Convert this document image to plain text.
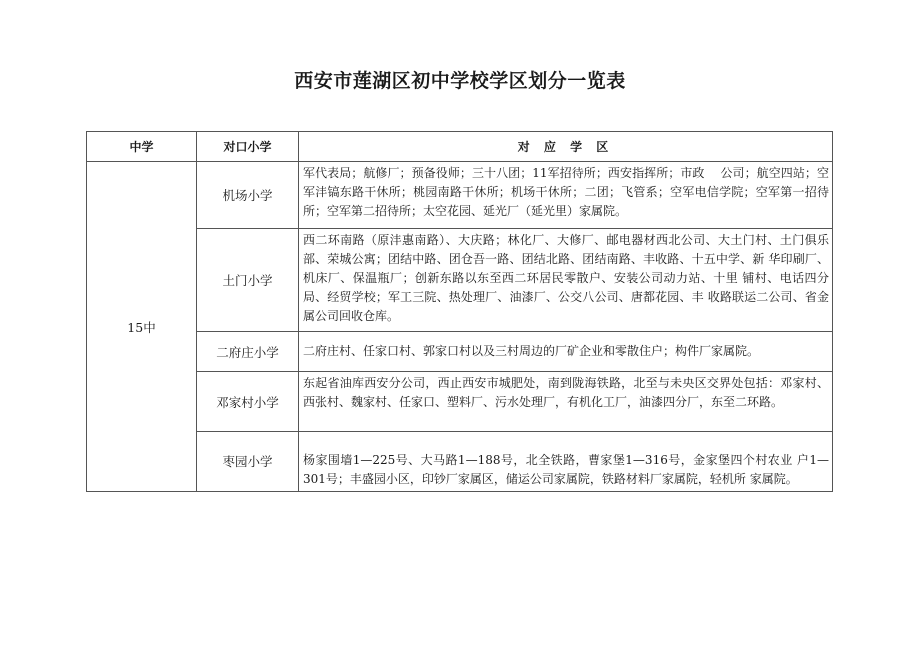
西安市莲湖区初中学校学区划分一览表
中学	对口小学	对 应 学 区
15中	机场小学	军代表局；航修厂；预备役师；三十八团；11军招待所；西安指挥所；市政　 公司；航空四站；空军沣镐东路干休所；桃园南路干休所；机场干休所；二团；飞管系；空军电信学院；空军第一招待所；空军第二招待所；太空花园、延光厂（延光里）家属院。
	土门小学	西二环南路（原沣惠南路）、大庆路；林化厂、大修厂、邮电器材西北公司、大土门村、土门俱乐部、荣城公寓；团结中路、团仓吾一路、团结北路、团结南路、丰收路、十五中学、新 华印刷厂、机床厂、保温瓶厂；创新东路以东至西二环居民零散户、安装公司动力站、十里 铺村、电话四分局、经贸学校；军工三院、热处理厂、油漆厂、公交八公司、唐都花园、丰 收路联运二公司、省金属公司回收仓库。
	二府庄小学	二府庄村、任家口村、郭家口村以及三村周边的厂矿企业和零散住户；构件厂家属院。
	邓家村小学	东起省油库西安分公司，西止西安市城肥处，南到陇海铁路，北至与未央区交界处包括：邓家村、西张村、魏家村、任家口、塑料厂、污水处理厂，有机化工厂，油漆四分厂，东至二环路。
	枣园小学	杨家围墙1—225号、大马路1—188号，北全铁路，曹家堡1—316号，金家堡四个村农业 户1—301号；丰盛园小区，印钞厂家属区，储运公司家属院，铁路材料厂家属院，轻机所 家属院。
